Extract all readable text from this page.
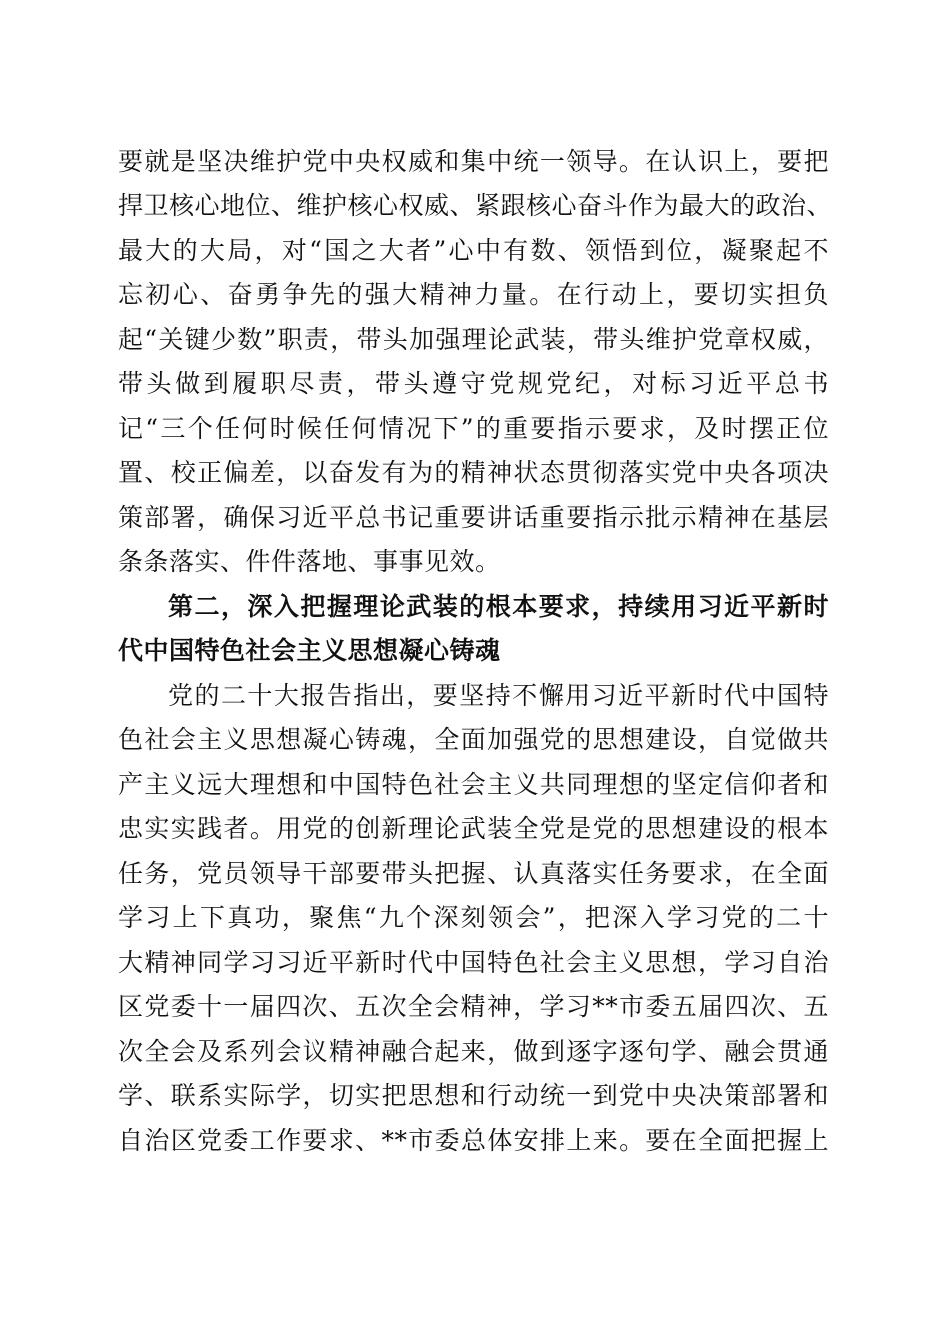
要就是坚决维护党中央权威和集中统一领导。在认识上，要把
捍卫核心地位、维护核心权威、紧跟核心奋斗作为最大的政治、
最大的大局，对“国之大者”心中有数、领悟到位，凝聚起不
忘初心、奋勇争先的强大精神力量。在行动上，要切实担负
起“关键少数”职责，带头加强理论武装，带头维护党章权威，
带头做到履职尽责，带头遵守党规党纪，对标习近平总书
记“三个任何时候任何情况下”的重要指示要求，及时摆正位
置、校正偏差，以奋发有为的精神状态贯彻落实党中央各项决
策部署，确保习近平总书记重要讲话重要指示批示精神在基层
条条落实、件件落地、事事见效。
第二，深入把握理论武装的根本要求，持续用习近平新时
代中国特色社会主义思想凝心铸魂
党的二十大报告指出，要坚持不懈用习近平新时代中国特
色社会主义思想凝心铸魂，全面加强党的思想建设，自觉做共
产主义远大理想和中国特色社会主义共同理想的坚定信仰者和
忠实实践者。用党的创新理论武装全党是党的思想建设的根本
任务，党员领导干部要带头把握、认真落实任务要求，在全面
学习上下真功，聚焦“九个深刻领会”，把深入学习党的二十
大精神同学习习近平新时代中国特色社会主义思想，学习自治
区党委十一届四次、五次全会精神，学习**市委五届四次、五
次全会及系列会议精神融合起来，做到逐字逐句学、融会贯通
学、联系实际学，切实把思想和行动统一到党中央决策部署和
自治区党委工作要求、**市委总体安排上来。要在全面把握上
